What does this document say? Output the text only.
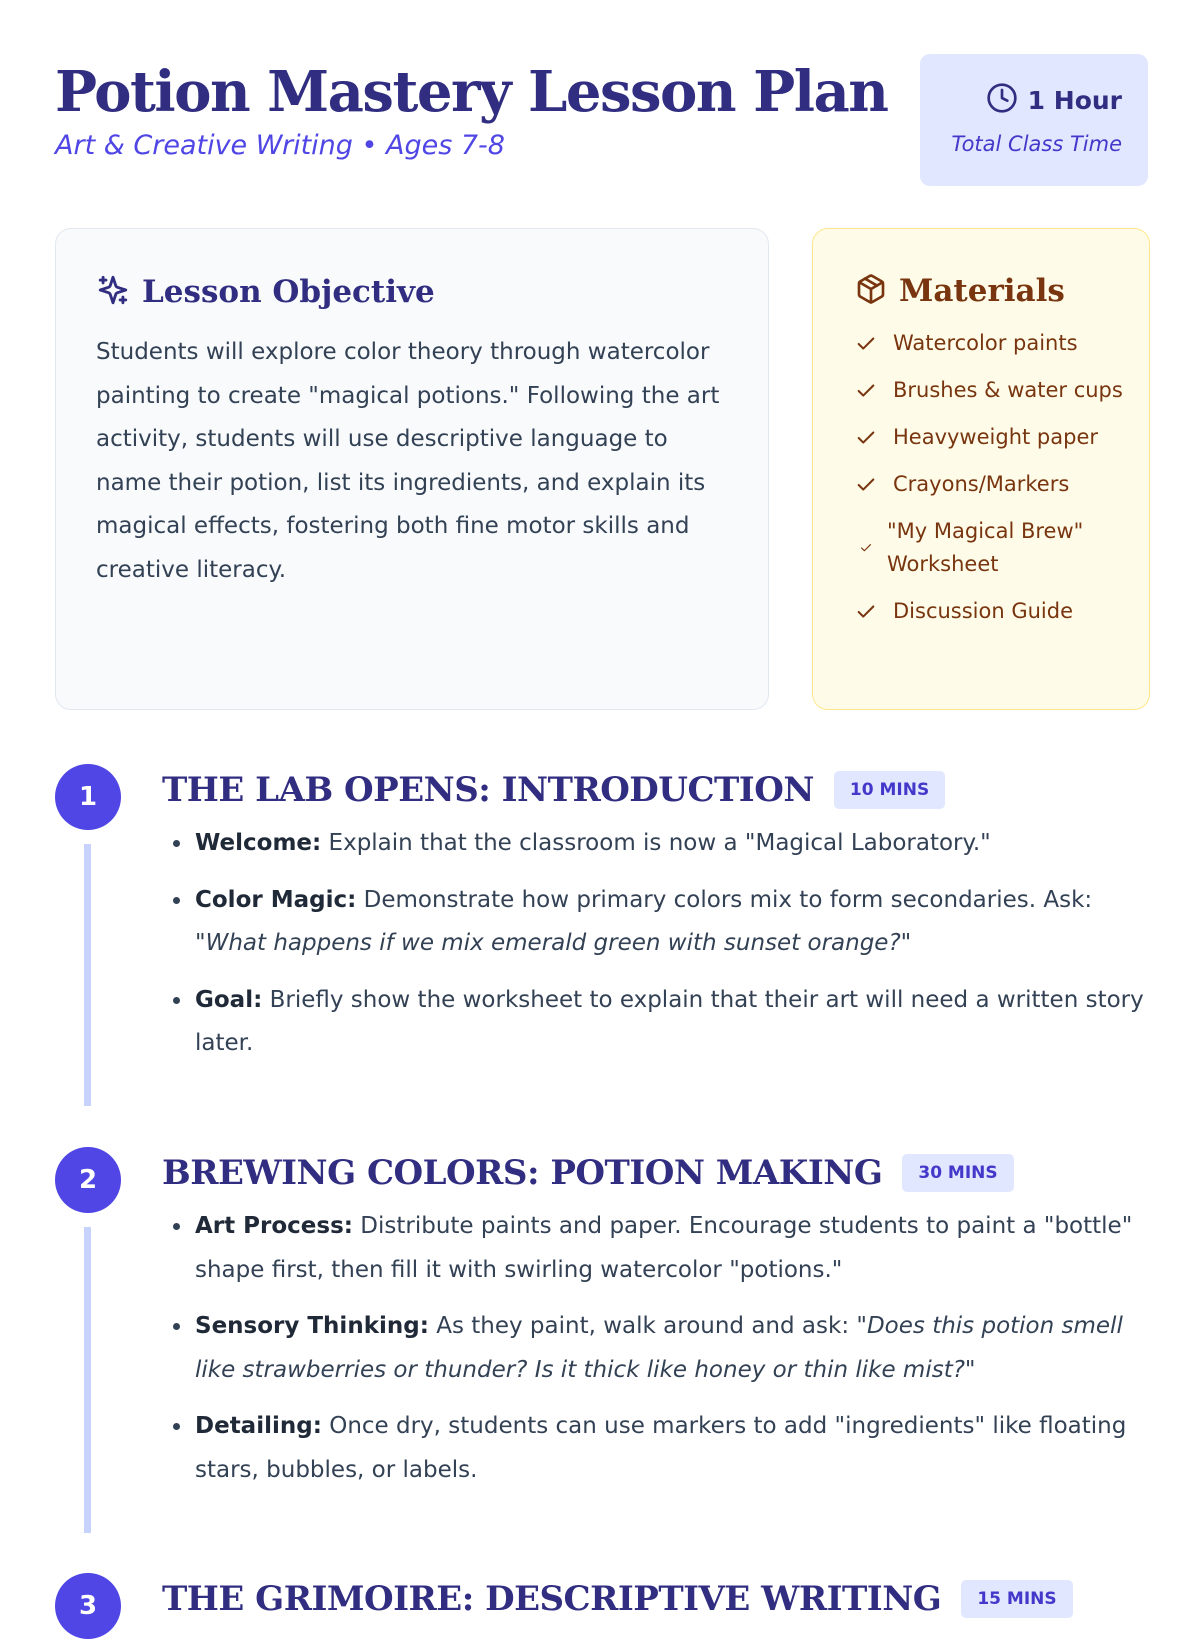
Potion Mastery Lesson Plan
Art & Creative Writing • Ages 7-8
1 Hour
Total Class Time
Lesson Objective

Students will explore color theory through watercolor painting to create "magical potions." Following the art activity, students will use descriptive language to name their potion, list its ingredients, and explain its magical effects, fostering both fine motor skills and creative literacy.

Materials
Watercolor paints
Brushes & water cups
Heavyweight paper
Crayons/Markers
"My Magical Brew" Worksheet
Discussion Guide
1	THE LAB OPENS: INTRODUCTION	10 MINS
• Welcome: Explain that the classroom is now a "Magical Laboratory."
• Color Magic: Demonstrate how primary colors mix to form secondaries. Ask: "What happens if we mix emerald green with sunset orange?"
• Goal: Briefly show the worksheet to explain that their art will need a written story later.
2	BREWING COLORS: POTION MAKING	30 MINS
• Art Process: Distribute paints and paper. Encourage students to paint a "bottle" shape first, then fill it with swirling watercolor "potions."
• Sensory Thinking: As they paint, walk around and ask: "Does this potion smell like strawberries or thunder? Is it thick like honey or thin like mist?"
• Detailing: Once dry, students can use markers to add "ingredients" like floating stars, bubbles, or labels.
3	THE GRIMOIRE: DESCRIPTIVE WRITING	15 MINS
